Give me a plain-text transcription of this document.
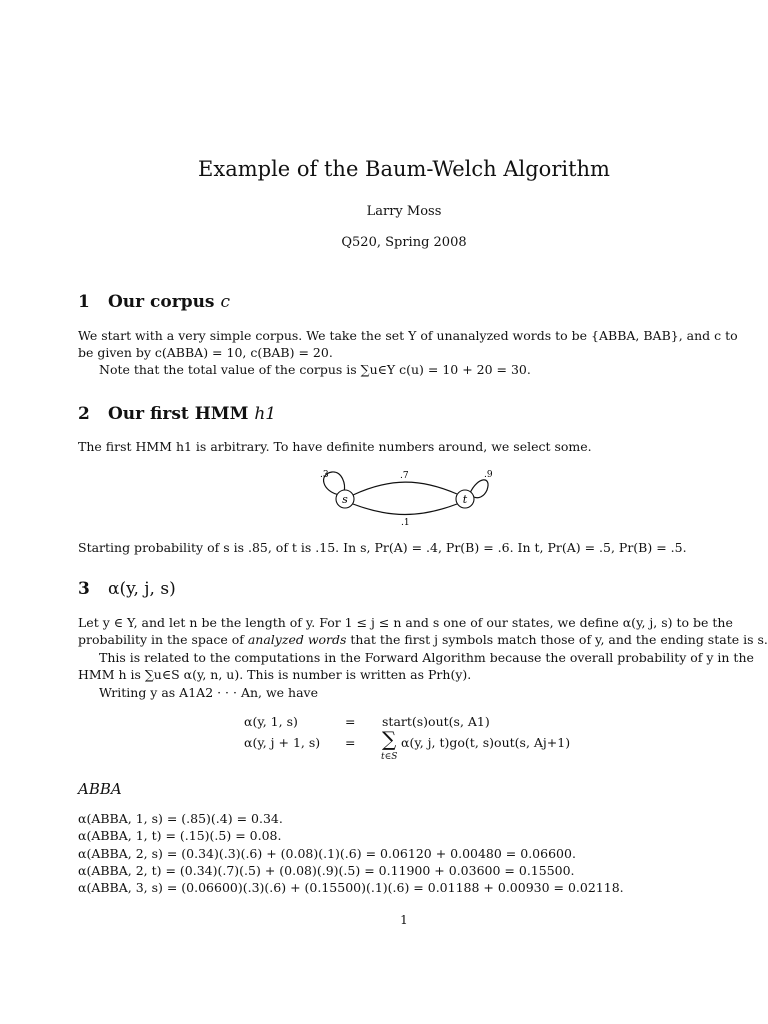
Example of the Baum-Welch Algorithm
Larry Moss
Q520, Spring 2008
1 Our corpus c
We start with a very simple corpus. We take the set Y of unanalyzed words to be {ABBA, BAB}, and c to
be given by c(ABBA) = 10, c(BAB) = 20.
Note that the total value of the corpus is ∑u∈Y c(u) = 10 + 20 = 30.
2 Our first HMM h1
The first HMM h1 is arbitrary. To have definite numbers around, we select some.
s	t
.3	.9
.7
.1
Starting probability of s is .85, of t is .15. In s, Pr(A) = .4, Pr(B) = .6. In t, Pr(A) = .5, Pr(B) = .5.
3 α(y, j, s)
Let y ∈ Y, and let n be the length of y. For 1 ≤ j ≤ n and s one of our states, we define α(y, j, s) to be the
probability in the space of analyzed words that the first j symbols match those of y, and the ending state is s.
This is related to the computations in the Forward Algorithm because the overall probability of y in the
HMM h is ∑u∈S α(y, n, u). This is number is written as Prh(y).
Writing y as A1A2 · · · An, we have
α(y, 1, s)	= start(s)out(s, A1)
α(y, j + 1, s) = ∑
t∈S
α(y, j, t)go(t, s)out(s, Aj+1)
ABBA
α(ABBA, 1, s) = (.85)(.4) = 0.34.
α(ABBA, 1, t) = (.15)(.5) = 0.08.
α(ABBA, 2, s) = (0.34)(.3)(.6) + (0.08)(.1)(.6) = 0.06120 + 0.00480 = 0.06600.
α(ABBA, 2, t) = (0.34)(.7)(.5) + (0.08)(.9)(.5) = 0.11900 + 0.03600 = 0.15500.
α(ABBA, 3, s) = (0.06600)(.3)(.6) + (0.15500)(.1)(.6) = 0.01188 + 0.00930 = 0.02118.
1
